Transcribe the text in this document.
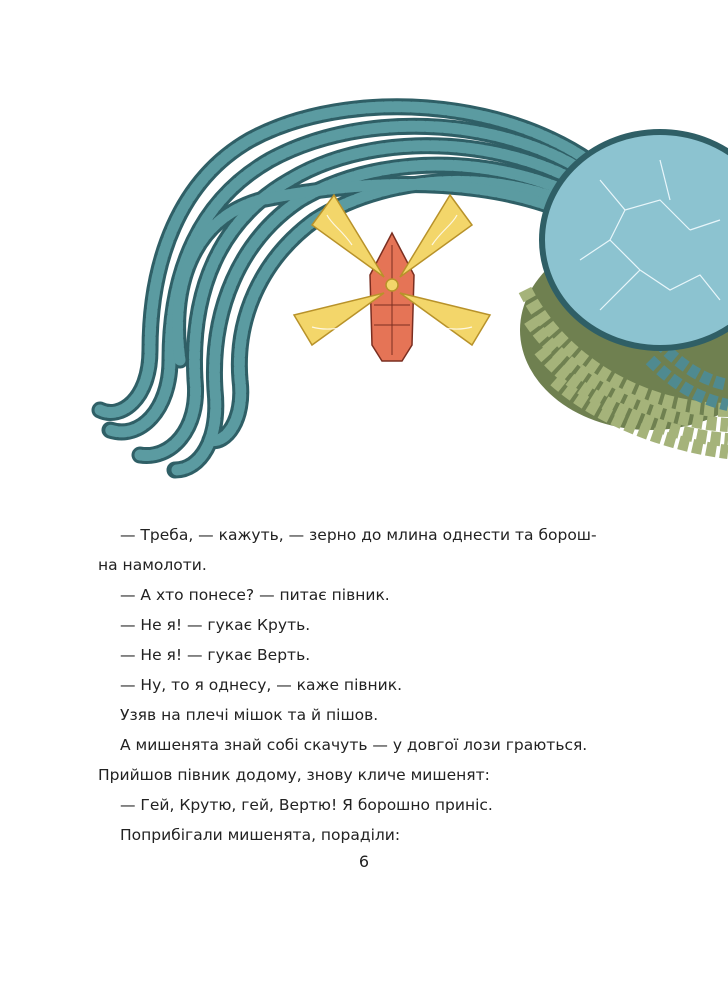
— Треба, — кажуть, — зерно до млина однести та борош-

на намолоти.

— А хто понесе? — питає півник.

— Не я! — гукає Круть.

— Не я! — гукає Верть.

— Ну, то я однесу, — каже півник.

Узяв на плечі мішок та й пішов.

А мишенята знай собі скачуть — у довгої лози граються.

Прийшов півник додому, знову кличе мишенят:

— Гей, Крутю, гей, Вертю! Я борошно приніс.

Поприбігали мишенята, пораділи:

6
